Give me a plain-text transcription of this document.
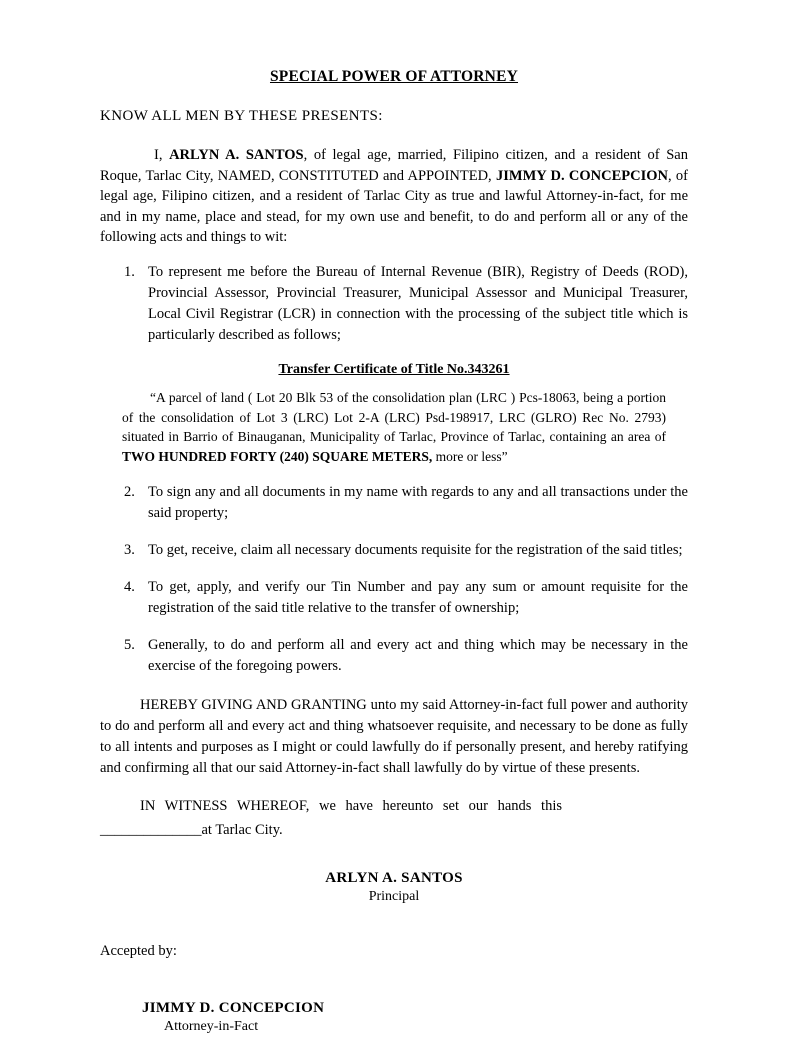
SPECIAL POWER OF ATTORNEY
KNOW ALL MEN BY THESE PRESENTS:
I, ARLYN A. SANTOS, of legal age, married, Filipino citizen, and a resident of San Roque, Tarlac City, NAMED, CONSTITUTED and APPOINTED, JIMMY D. CONCEPCION, of legal age, Filipino citizen, and a resident of Tarlac City as true and lawful Attorney-in-fact, for me and in my name, place and stead, for my own use and benefit, to do and perform all or any of the following acts and things to wit:
1. To represent me before the Bureau of Internal Revenue (BIR), Registry of Deeds (ROD), Provincial Assessor, Provincial Treasurer, Municipal Assessor and Municipal Treasurer, Local Civil Registrar (LCR) in connection with the processing of the subject title which is particularly described as follows;
Transfer Certificate of Title No.343261
“A parcel of land ( Lot 20 Blk 53 of the consolidation plan (LRC ) Pcs-18063, being a portion of the consolidation of Lot 3 (LRC) Lot 2-A (LRC) Psd-198917, LRC (GLRO) Rec No. 2793) situated in Barrio of Binauganan, Municipality of Tarlac, Province of Tarlac, containing an area of TWO HUNDRED FORTY (240) SQUARE METERS, more or less”
2. To sign any and all documents in my name with regards to any and all transactions under the said property;
3. To get, receive, claim all necessary documents requisite for the registration of the said titles;
4. To get, apply, and verify our Tin Number and pay any sum or amount requisite for the registration of the said title relative to the transfer of ownership;
5. Generally, to do and perform all and every act and thing which may be necessary in the exercise of the foregoing powers.
HEREBY GIVING AND GRANTING unto my said Attorney-in-fact full power and authority to do and perform all and every act and thing whatsoever requisite, and necessary to be done as fully to all intents and purposes as I might or could lawfully do if personally present, and hereby ratifying and confirming all that our said Attorney-in-fact shall lawfully do by virtue of these presents.
IN WITNESS WHEREOF, we have hereunto set our hands this
______________at Tarlac City.
ARLYN A. SANTOS
Principal
Accepted by:
JIMMY D. CONCEPCION
Attorney-in-Fact
